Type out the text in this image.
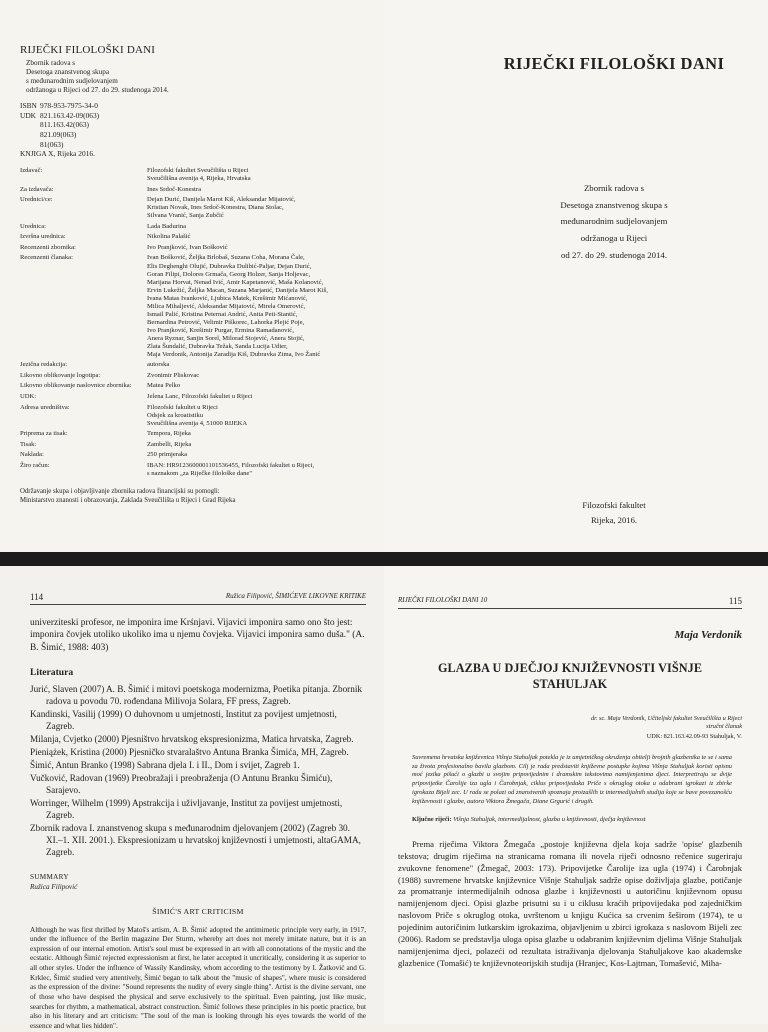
RIJEČKI FILOLOŠKI DANI
Zbornik radova s
Desetoga znanstvenog skupa
s međunarodnim sudjelovanjem
održanoga u Rijeci od 27. do 29. studenoga 2014.
ISBN 978-953-7975-34-0
UDK 821.163.42-09(063)
811.163.42(063)
821.09(063)
81(063)
KNJIGA X, Rijeka 2016.
Izdavač:	Filozofski fakultet Sveučilišta u Rijeci
Sveučilišna avenija 4, Rijeka, Hrvatska
Za izdavača:	Ines Srdoč-Konestra
Urednici/ce:	Dejan Durić, Danijela Marot Kiš, Aleksandar Mijatović,
Kristian Novak, Ines Srdoč-Konestra, Diana Stolac,
Silvana Vranić, Sanja Zubčić
Urednica:	Lada Badurina
Izvršna urednica:	Nikolina Palašić
Recenzenti zbornika:	Ivo Pranjković, Ivan Bošković
Recenzenti članaka:	Ivan Bošković, Željka Brlobaš, Suzana Coha, Morana Čale,
Elis Deghenghi Olujić, Dubravka Dulibić-Paljar, Dejan Durić,
Goran Filipi, Dolores Grmača, Georg Holzer, Sanja Holjevac,
Marijana Horvat, Nenad Ivić, Amir Kapetanović, Maša Kolanović,
Ervin Lukežić, Željka Macan, Suzana Marjanić, Danijela Marot Kiš,
Ivana Matas Ivanković, Ljubica Matek, Krešimir Mićanović,
Milica Mihaljević, Aleksandar Mijatović, Mirela Omerović,
Ismail Palić, Kristina Peternai Andrić, Anita Peti-Stantić,
Bernardina Petrović, Velimir Piškorec, Lahorka Plejić Poje,
Ivo Pranjković, Krešimir Purgar, Ermina Ramadanović,
Anera Ryznar, Sanjin Sorel, Milorad Stojević, Anera Stojić,
Zlata Šundalić, Dubravka Težak, Sanda Lucija Udier,
Maja Verdonik, Antonija Zaradija Kiš, Dubravka Zima, Ivo Žanić
Jezična redakcija:	autorska
Likovno oblikovanje logotipa:	Zvonimir Pliskovac
Likovno oblikovanje naslovnice zbornika:	Matea Pelko
UDK:	Jelena Lanc, Filozofski fakultet u Rijeci
Adresa uredništva:	Filozofski fakultet u Rijeci
Odsjek za kroatistiku
Sveučilišna avenija 4, 51000 RIJEKA
Priprema za tisak:	Tempora, Rijeka
Tisak:	Zambelli, Rijeka
Naklada:	250 primjeraka
Žiro račun:	IBAN: HR9123600001101536455, Filozofski fakultet u Rijeci,
s naznakom „za Riječke filološke dane"
Održavanje skupa i objavljivanje zbornika radova financijski su pomogli:
Ministarstvo znanosti i obrazovanja, Zaklada Sveučilišta u Rijeci i Grad Rijeka
RIJEČKI FILOLOŠKI DANI
Zbornik radova s
Desetoga znanstvenog skupa s
međunarodnim sudjelovanjem
održanoga u Rijeci
od 27. do 29. studenoga 2014.
Filozofski fakultet
Rijeka, 2016.
114	Ružica Filipović, ŠIMIĆEVE LIKOVNE KRITIKE
univerziteski profesor, ne imponira ime Krśnjavi. Vijavici imponira samo ono što jest: imponira čovjek utoliko ukoliko ima u njemu čovjeka. Vijavici imponira samo duša." (A. B. Šimić, 1988: 403)
Literatura
Jurić, Slaven (2007) A. B. Šimić i mitovi poetskoga modernizma, Poetika pitanja. Zbornik radova u povodu 70. rođendana Milivoja Solara, FF press, Zagreb.
Kandinski, Vasilij (1999) O duhovnom u umjetnosti, Institut za povijest umjetnosti, Zagreb.
Milanja, Cvjetko (2000) Pjesništvo hrvatskog ekspresionizma, Matica hrvatska, Zagreb.
Pieniążek, Kristina (2000) Pjesničko stvaralaštvo Antuna Branka Šimića, MH, Zagreb.
Šimić, Antun Branko (1998) Sabrana djela I. i II., Dom i svijet, Zagreb 1.
Vučković, Radovan (1969) Preobražaji i preobraženja (O Antunu Branku Šimiću), Sarajevo.
Worringer, Wilhelm (1999) Apstrakcija i uživljavanje, Institut za povijest umjetnosti, Zagreb.
Zbornik radova I. znanstvenog skupa s međunarodnim djelovanjem (2002) (Zagreb 30. XI.–1. XII. 2001.). Ekspresionizam u hrvatskoj književnosti i umjetnosti, altaGAMA, Zagreb.
SUMMARY
Ružica Filipović
ŠIMIĆ'S ART CRITICISM
Although he was first thrilled by Matoš's artism, A. B. Šimić adopted the antimimetic principle very early, in 1917, under the influence of the Berlin magazine Der Sturm, whereby art does not merely imitate nature, but it is an expression of our internal emotion. Artist's soul must be expressed in art with all connotations of the mystic and the ecstatic. Although Šimić rejected expressionism at first, he later accepted it uncritically, considering it as superior to all other styles. Under the influence of Wassily Kandinsky, whom according to the testimony by I. Žatković and G. Krklec, Šimić studied very attentively, Šimić began to talk about the "music of shapes", where music is considered as the expression of the divine: "Sound represents the nudity of every single thing". Artist is the divine servant, one of those who have despised the physical and serve exclusively to the spiritual. Even painting, just like music, searches for rhythm, a mathematical, abstract construction. Šimić follows these principles in his poetic practice, but also in his literary and art criticism: "The soul of the man is looking through his eyes towards the world of the essence and what lies hidden".
RIJEČKI FILOLOŠKI DANI 10	115
Maja Verdonik
GLAZBA U DJEČJOJ KNJIŽEVNOSTI VIŠNJE
STAHULJAK
dr. sc. Maja Verdonik, Učiteljski fakultet Sveučilišta u Rijeci
stručni članak
UDK: 821.163.42.09-93 Stahuljak, V.
Suvremena hrvatska književnica Višnja Stahuljak potekla je iz umjetničkog okruženja obitelji brojnih glazbenika te se i sama za života profesionalno bavila glazbom. Cilj je rada predstaviti književne postupke kojima Višnja Stahuljak koristi opisnu moć jezika pišući o glazbi u svojim pripovijednim i dramskim tekstovima namijenjenima djeci. Interpretiraju se dvije pripovijetke Čarolije iza ugla i Čarobnjak, ciklus pripovijedaka Priče s okruglog otoka u odabrani igrokazi iz zbirke igrokaza Bijeli zec. U radu se polazi od znanstvenih spoznaja proizašlih iz intermedijalnih studija koje se bave povezanošću književnosti i glazbe, autora Viktora Žmegača, Diane Grgurić i drugih.
Ključne riječi: Višnja Stahuljak, intermedijalnost, glazba u književnosti, dječja književnost
Prema riječima Viktora Žmegača „postoje književna djela koja sadrže 'opise' glazbenih tekstova; drugim riječima na stranicama romana ili novela riječi odnosno rečenice sugeriraju zvukovne fenomene" (Žmegač, 2003: 173). Pripovijetke Čarolije iza ugla (1974) i Čarobnjak (1988) suvremene hrvatske književnice Višnje Stahuljak sadrže opise doživljaja glazbe, potičanje za promatranje intermedijalnih odnosa glazbe i književnosti u autoričinu književnom opusu namijenjenom djeci. Opisi glazbe prisutni su i u ciklusu kraćih pripovijedaka pod zajedničkim naslovom Priče s okruglog otoka, uvrštenom u knjigu Kućica sa crvenim šeširom (1974), te u pojedinim autoričinim lutkarskim igrokazima, objavljenim u zbirci igrokaza s naslovom Bijeli zec (2006). Radom se predstavlja uloga opisa glazbe u odabranim književnim djelima Višnje Stahuljak namijenjenima djeci, polazeći od rezultata istraživanja djelovanja Stahuljakove kao akademske glazbenice (Tomašić) te književnoteorijskih studija (Hranjec, Kos-Lajtman, Tomašević, Miha-
